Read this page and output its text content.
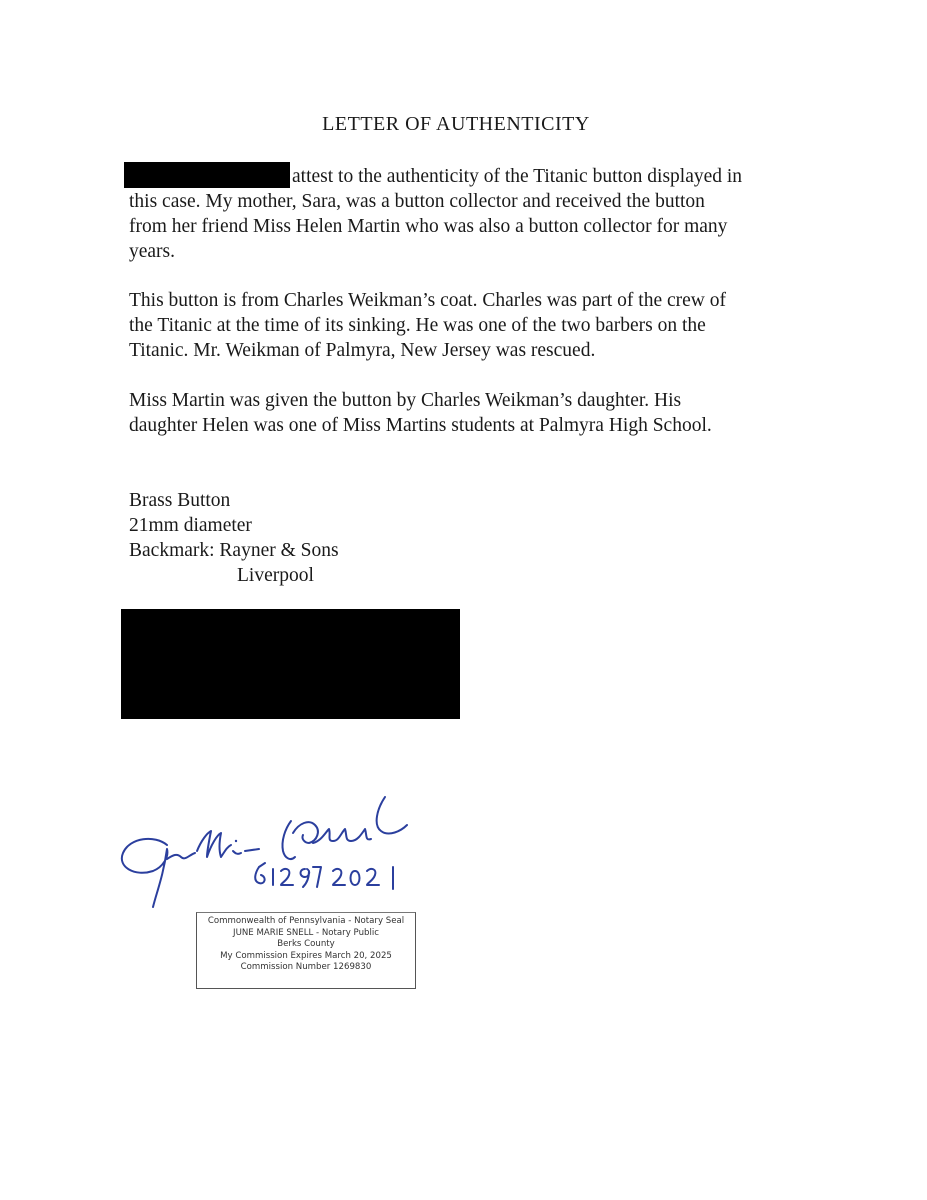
LETTER OF AUTHENTICITY
attest to the authenticity of the Titanic button displayed in
this case. My mother, Sara, was a button collector and received the button
from her friend Miss Helen Martin who was also a button collector for many
years.
This button is from Charles Weikman’s coat. Charles was part of the crew of
the Titanic at the time of its sinking. He was one of the two barbers on the
Titanic. Mr. Weikman of Palmyra, New Jersey was rescued.
Miss Martin was given the button by Charles Weikman’s daughter. His
daughter Helen was one of Miss Martins students at Palmyra High School.
Brass Button
21mm diameter
Backmark: Rayner & Sons
Liverpool
Commonwealth of Pennsylvania - Notary Seal
JUNE MARIE SNELL - Notary Public
Berks County
My Commission Expires March 20, 2025
Commission Number 1269830
